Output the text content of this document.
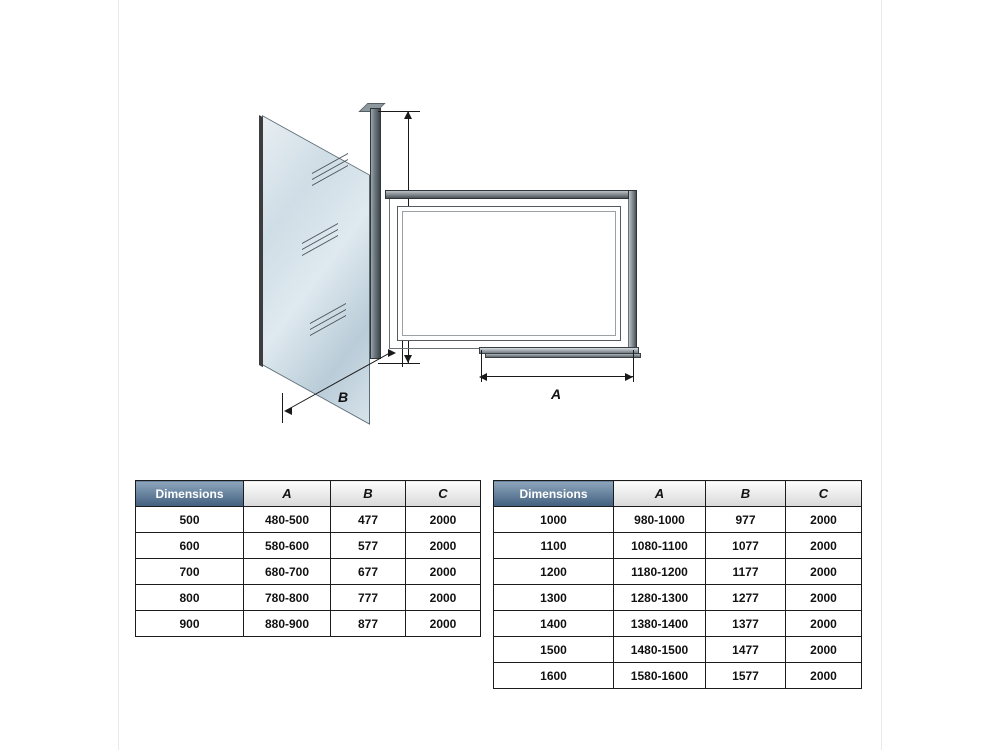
B	A
Dimensions	A	B	C
500	480-500	477	2000
600	580-600	577	2000
700	680-700	677	2000
800	780-800	777	2000
900	880-900	877	2000
Dimensions	A	B	C
1000	980-1000	977	2000
1100	1080-1100	1077	2000
1200	1180-1200	1177	2000
1300	1280-1300	1277	2000
1400	1380-1400	1377	2000
1500	1480-1500	1477	2000
1600	1580-1600	1577	2000
